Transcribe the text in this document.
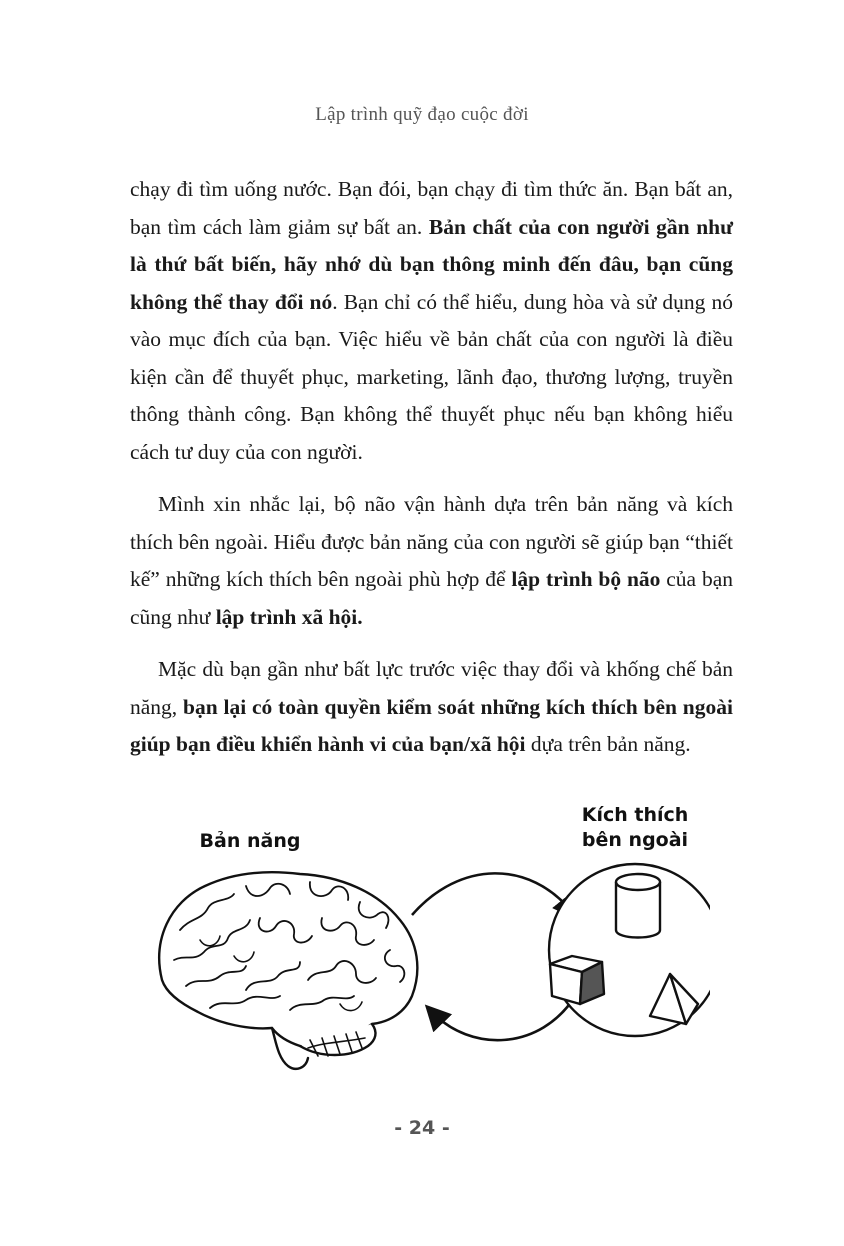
Lập trình quỹ đạo cuộc đời

chạy đi tìm uống nước. Bạn đói, bạn chạy đi tìm thức ăn. Bạn bất an, bạn tìm cách làm giảm sự bất an. Bản chất của con người gần như là thứ bất biến, hãy nhớ dù bạn thông minh đến đâu, bạn cũng không thể thay đổi nó. Bạn chỉ có thể hiểu, dung hòa và sử dụng nó vào mục đích của bạn. Việc hiểu về bản chất của con người là điều kiện cần để thuyết phục, marketing, lãnh đạo, thương lượng, truyền thông thành công. Bạn không thể thuyết phục nếu bạn không hiểu cách tư duy của con người.

Mình xin nhắc lại, bộ não vận hành dựa trên bản năng và kích thích bên ngoài. Hiểu được bản năng của con người sẽ giúp bạn “thiết kế” những kích thích bên ngoài phù hợp để lập trình bộ não của bạn cũng như lập trình xã hội.

Mặc dù bạn gần như bất lực trước việc thay đổi và khống chế bản năng, bạn lại có toàn quyền kiểm soát những kích thích bên ngoài giúp bạn điều khiển hành vi của bạn/xã hội dựa trên bản năng.

Bản năng
Kích thích
bên ngoài
- 24 -
